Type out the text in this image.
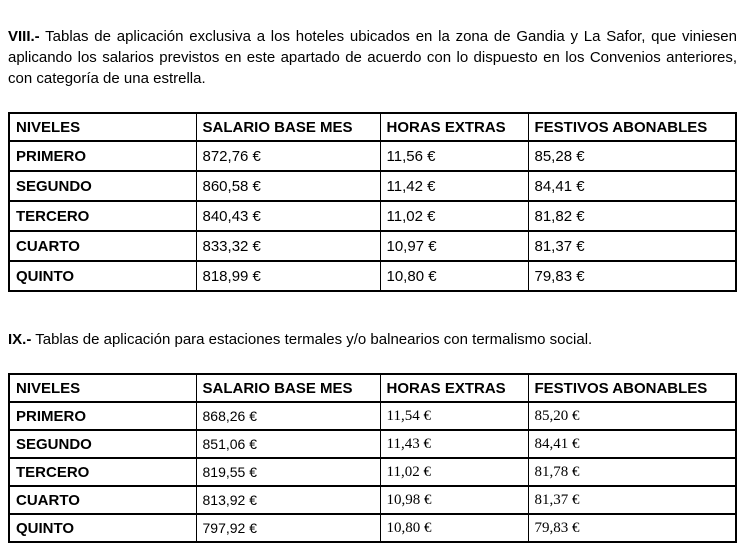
VIII.- Tablas de aplicación exclusiva a los hoteles ubicados en la zona de Gandia y La Safor, que viniesen aplicando los salarios previstos en este apartado de acuerdo con lo dispuesto en los Convenios anteriores, con categoría de una estrella.

NIVELES	SALARIO BASE MES	HORAS EXTRAS	FESTIVOS ABONABLES
PRIMERO	872,76 €	11,56 €	85,28 €
SEGUNDO	860,58 €	11,42 €	84,41 €
TERCERO	840,43 €	11,02 €	81,82 €
CUARTO	833,32 €	10,97 €	81,37 €
QUINTO	818,99 €	10,80 €	79,83 €

IX.- Tablas de aplicación para estaciones termales y/o balnearios con termalismo social.

NIVELES	SALARIO BASE MES	HORAS EXTRAS	FESTIVOS ABONABLES
PRIMERO	868,26 €	11,54 €	85,20 €
SEGUNDO	851,06 €	11,43 €	84,41 €
TERCERO	819,55 €	11,02 €	81,78 €
CUARTO	813,92 €	10,98 €	81,37 €
QUINTO	797,92 €	10,80 €	79,83 €
